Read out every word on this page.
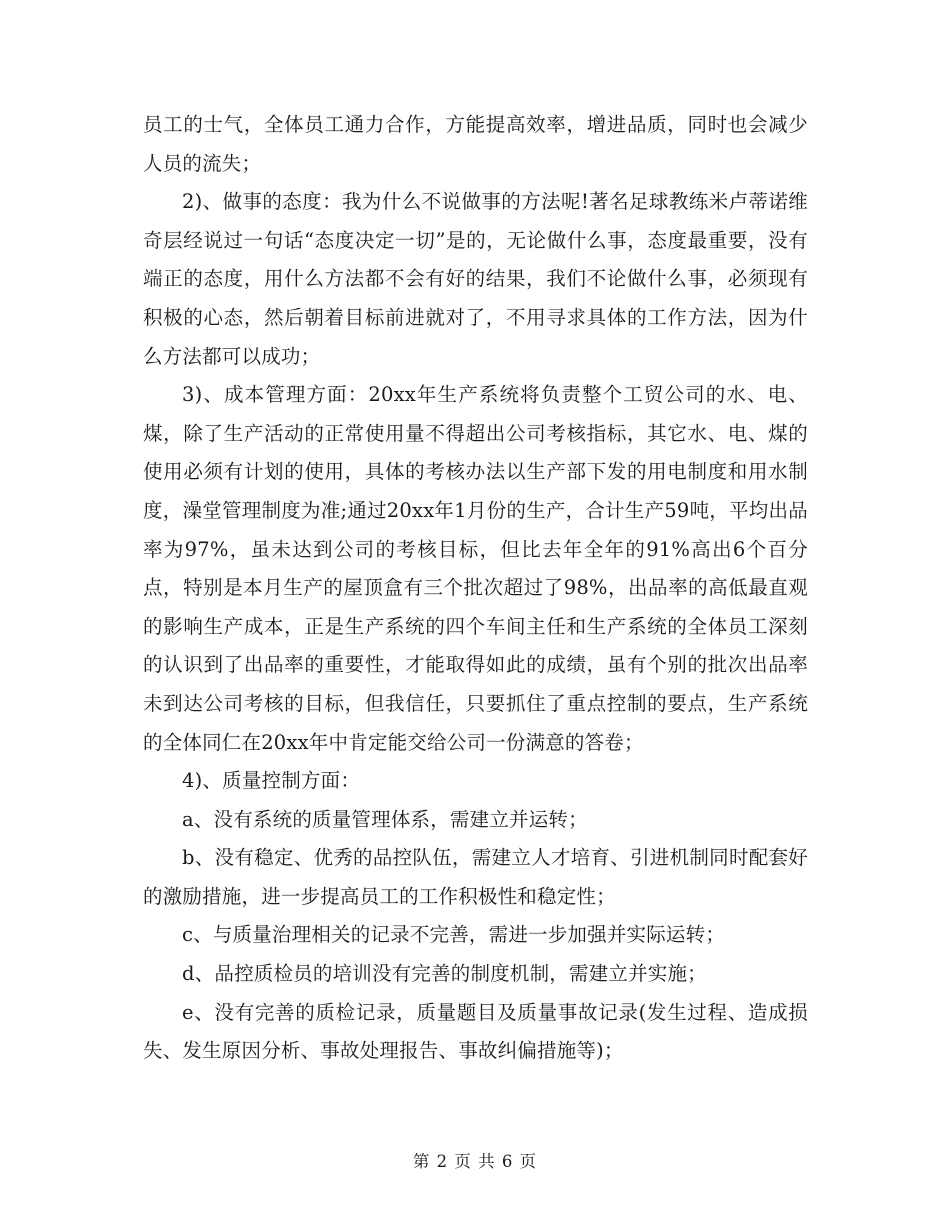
员工的士气，全体员工通力合作，方能提高效率，增进品质，同时也会减少人员的流失；

2)、做事的态度：我为什么不说做事的方法呢!著名足球教练米卢蒂诺维奇层经说过一句话“态度决定一切”是的，无论做什么事，态度最重要，没有端正的态度，用什么方法都不会有好的结果，我们不论做什么事，必须现有积极的心态，然后朝着目标前进就对了，不用寻求具体的工作方法，因为什么方法都可以成功；

3)、成本管理方面：20xx年生产系统将负责整个工贸公司的水、电、煤，除了生产活动的正常使用量不得超出公司考核指标，其它水、电、煤的使用必须有计划的使用，具体的考核办法以生产部下发的用电制度和用水制度，澡堂管理制度为准;通过20xx年1月份的生产，合计生产59吨，平均出品率为97%，虽未达到公司的考核目标，但比去年全年的91%高出6个百分点，特别是本月生产的屋顶盒有三个批次超过了98%，出品率的高低最直观的影响生产成本，正是生产系统的四个车间主任和生产系统的全体员工深刻的认识到了出品率的重要性，才能取得如此的成绩，虽有个别的批次出品率未到达公司考核的目标，但我信任，只要抓住了重点控制的要点，生产系统的全体同仁在20xx年中肯定能交给公司一份满意的答卷；

4)、质量控制方面：

a、没有系统的质量管理体系，需建立并运转；

b、没有稳定、优秀的品控队伍，需建立人才培育、引进机制同时配套好的激励措施，进一步提高员工的工作积极性和稳定性；

c、与质量治理相关的记录不完善，需进一步加强并实际运转；

d、品控质检员的培训没有完善的制度机制，需建立并实施；

e、没有完善的质检记录，质量题目及质量事故记录(发生过程、造成损失、发生原因分析、事故处理报告、事故纠偏措施等)；

第 2 页 共 6 页
